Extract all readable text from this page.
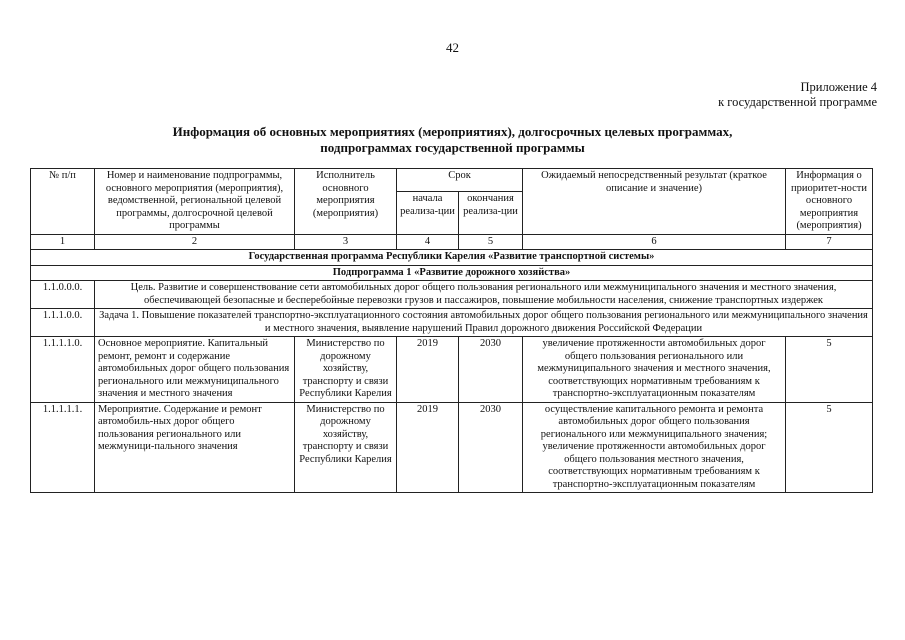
42
Приложение 4
к государственной программе
Информация об основных мероприятиях (мероприятиях), долгосрочных целевых программах,
подпрограммах государственной программы
№ п/п	Номер и наименование подпрограммы, основного мероприятия (мероприятия), ведомственной, региональной целевой программы, долгосрочной целевой программы	Исполнитель основного мероприятия (мероприятия)	Срок		Ожидаемый непосредственный результат (краткое описание и значение)	Информация о приоритет-ности основного мероприятия (мероприятия)
			начала реализа-ции	окончания реализа-ции		
1	2	3	4	5	6	7
Государственная программа Республики Карелия «Развитие транспортной системы»						
Подпрограмма 1 «Развитие дорожного хозяйства»						
1.1.0.0.0.	Цель. Развитие и совершенствование сети автомобильных дорог общего пользования регионального или межмуниципального значения и местного значения, обеспечивающей безопасные и бесперебойные перевозки грузов и пассажиров, повышение мобильности населения, снижение транспортных издержек					
1.1.1.0.0.	Задача 1. Повышение показателей транспортно-эксплуатационного состояния автомобильных дорог общего пользования регионального или межмуниципального значения и местного значения, выявление нарушений Правил дорожного движения Российской Федерации					
1.1.1.1.0.	Основное мероприятие. Капитальный ремонт, ремонт и содержание автомобильных дорог общего пользования регионального или межмуниципального значения и местного значения	Министерство по дорожному хозяйству, транспорту и связи Республики Карелия	2019	2030	увеличение протяженности автомобильных дорог общего пользования регионального или межмуниципального значения и местного значения, соответствующих нормативным требованиям к транспортно-эксплуатационным показателям	5
1.1.1.1.1.	Мероприятие. Содержание и ремонт автомобиль-ных дорог общего пользования регионального или межмуници-пального значения	Министерство по дорожному хозяйству, транспорту и связи Республики Карелия	2019	2030	осуществление капитального ремонта и ремонта автомобильных дорог общего пользования регионального или межмуниципального значения; увеличение протяженности автомобильных дорог общего пользования местного значения, соответствующих нормативным требованиям к транспортно-эксплуатационным показателям	5
